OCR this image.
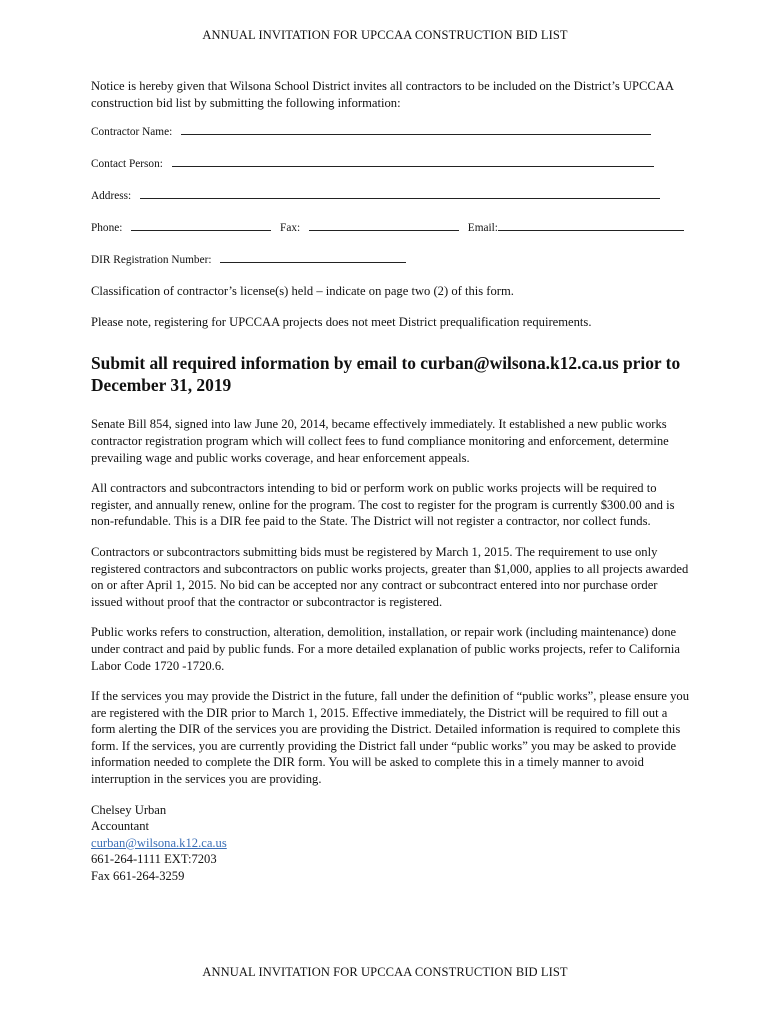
ANNUAL INVITATION FOR UPCCAA CONSTRUCTION BID LIST

Notice is hereby given that Wilsona School District invites all contractors to be included on the District’s UPCCAA construction bid list by submitting the following information:

Contractor Name:
Contact Person:
Address:
Phone:	Fax:	Email:
DIR Registration Number:

Classification of contractor’s license(s) held – indicate on page two (2) of this form.

Please note, registering for UPCCAA projects does not meet District prequalification requirements.

Submit all required information by email to curban@wilsona.k12.ca.us prior to December 31, 2019

Senate Bill 854, signed into law June 20, 2014, became effectively immediately. It established a new public works contractor registration program which will collect fees to fund compliance monitoring and enforcement, determine prevailing wage and public works coverage, and hear enforcement appeals.

All contractors and subcontractors intending to bid or perform work on public works projects will be required to register, and annually renew, online for the program. The cost to register for the program is currently $300.00 and is non-refundable. This is a DIR fee paid to the State. The District will not register a contractor, nor collect funds.

Contractors or subcontractors submitting bids must be registered by March 1, 2015. The requirement to use only registered contractors and subcontractors on public works projects, greater than $1,000, applies to all projects awarded on or after April 1, 2015. No bid can be accepted nor any contract or subcontract entered into nor purchase order issued without proof that the contractor or subcontractor is registered.

Public works refers to construction, alteration, demolition, installation, or repair work (including maintenance) done under contract and paid by public funds. For a more detailed explanation of public works projects, refer to California Labor Code 1720 -1720.6.

If the services you may provide the District in the future, fall under the definition of “public works”, please ensure you are registered with the DIR prior to March 1, 2015. Effective immediately, the District will be required to fill out a form alerting the DIR of the services you are providing the District. Detailed information is required to complete this form. If the services, you are currently providing the District fall under “public works” you may be asked to provide information needed to complete the DIR form. You will be asked to complete this in a timely manner to avoid interruption in the services you are providing.

Chelsey Urban

Accountant

curban@wilsona.k12.ca.us

661-264-1111 EXT:7203

Fax 661-264-3259

ANNUAL INVITATION FOR UPCCAA CONSTRUCTION BID LIST
